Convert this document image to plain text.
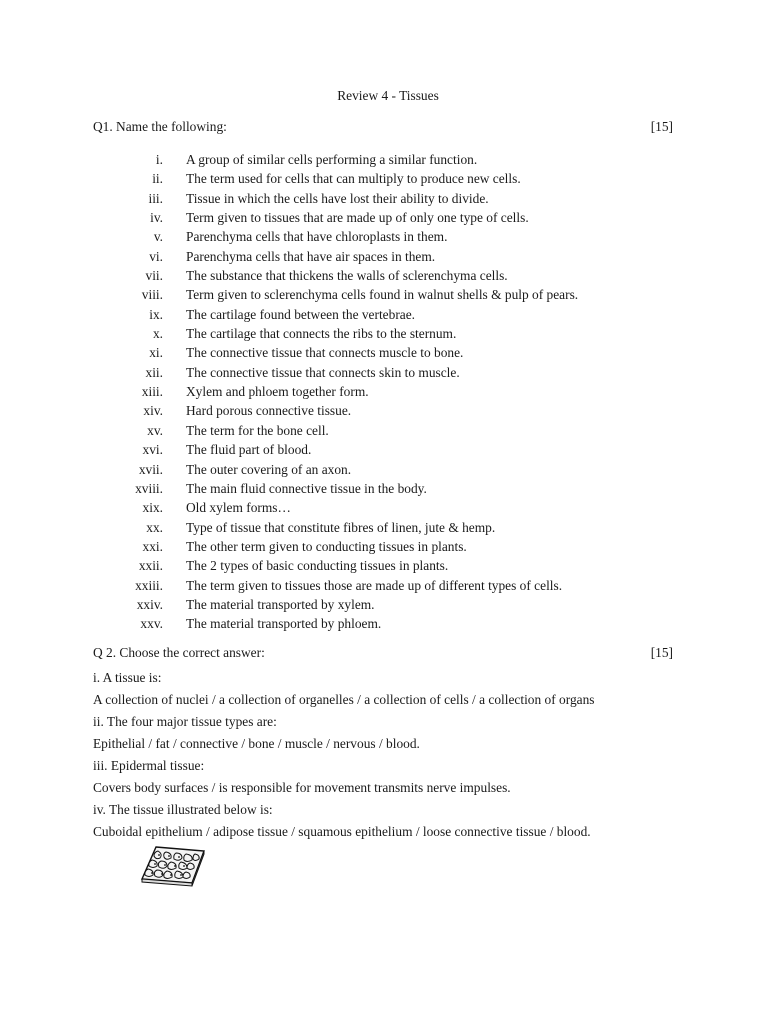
Review 4 - Tissues
Q1. Name the following:	[15]
i. A group of similar cells performing a similar function.
ii. The term used for cells that can multiply to produce new cells.
iii. Tissue in which the cells have lost their ability to divide.
iv. Term given to tissues that are made up of only one type of cells.
v. Parenchyma cells that have chloroplasts in them.
vi. Parenchyma cells that have air spaces in them.
vii. The substance that thickens the walls of sclerenchyma cells.
viii. Term given to sclerenchyma cells found in walnut shells & pulp of pears.
ix. The cartilage found between the vertebrae.
x. The cartilage that connects the ribs to the sternum.
xi. The connective tissue that connects muscle to bone.
xii. The connective tissue that connects skin to muscle.
xiii. Xylem and phloem together form.
xiv. Hard porous connective tissue.
xv. The term for the bone cell.
xvi. The fluid part of blood.
xvii. The outer covering of an axon.
xviii. The main fluid connective tissue in the body.
xix. Old xylem forms…
xx. Type of tissue that constitute fibres of linen, jute & hemp.
xxi. The other term given to conducting tissues in plants.
xxii. The 2 types of basic conducting tissues in plants.
xxiii. The term given to tissues those are made up of different types of cells.
xxiv. The material transported by xylem.
xxv. The material transported by phloem.
Q 2. Choose the correct answer:	[15]
i. A tissue is:
A collection of nuclei / a collection of organelles / a collection of cells / a collection of organs
ii. The four major tissue types are:
Epithelial / fat / connective / bone / muscle / nervous / blood.
iii. Epidermal tissue:
Covers body surfaces / is responsible for movement transmits nerve impulses.
iv. The tissue illustrated below is:
Cuboidal epithelium / adipose tissue / squamous epithelium / loose connective tissue / blood.
